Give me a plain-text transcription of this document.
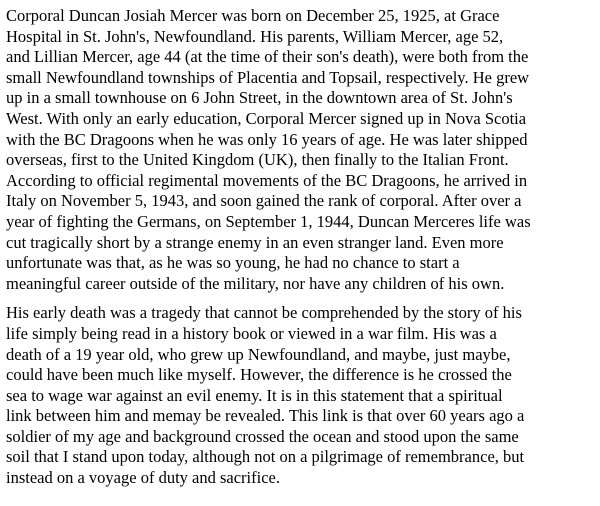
Corporal Duncan Josiah Mercer was born on December 25, 1925, at Grace
Hospital in St. John's, Newfoundland. His parents, William Mercer, age 52,
and Lillian Mercer, age 44 (at the time of their son's death), were both from the
small Newfoundland townships of Placentia and Topsail, respectively. He grew
up in a small townhouse on 6 John Street, in the downtown area of St. John's
West. With only an early education, Corporal Mercer signed up in Nova Scotia
with the BC Dragoons when he was only 16 years of age. He was later shipped
overseas, first to the United Kingdom (UK), then finally to the Italian Front.
According to official regimental movements of the BC Dragoons, he arrived in
Italy on November 5, 1943, and soon gained the rank of corporal. After over a
year of fighting the Germans, on September 1, 1944, Duncan Merceres life was
cut tragically short by a strange enemy in an even stranger land. Even more
unfortunate was that, as he was so young, he had no chance to start a
meaningful career outside of the military, nor have any children of his own.

His early death was a tragedy that cannot be comprehended by the story of his
life simply being read in a history book or viewed in a war film. His was a
death of a 19 year old, who grew up Newfoundland, and maybe, just maybe,
could have been much like myself. However, the difference is he crossed the
sea to wage war against an evil enemy. It is in this statement that a spiritual
link between him and memay be revealed. This link is that over 60 years ago a
soldier of my age and background crossed the ocean and stood upon the same
soil that I stand upon today, although not on a pilgrimage of remembrance, but
instead on a voyage of duty and sacrifice.
